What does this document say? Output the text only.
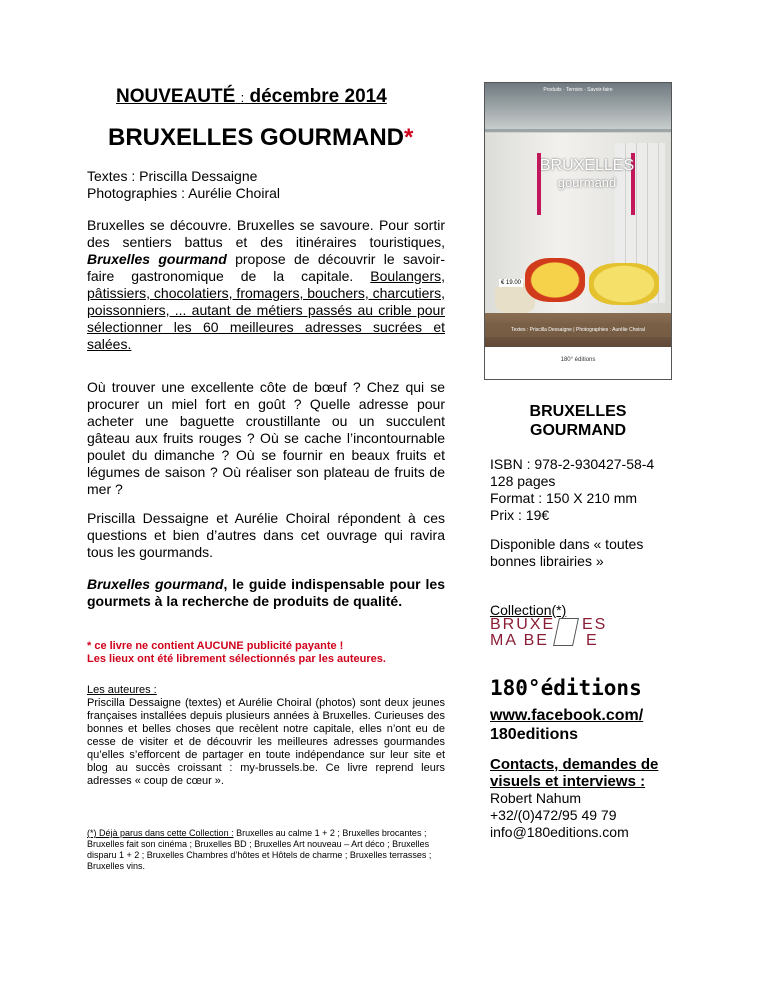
NOUVEAUTÉ : décembre 2014
BRUXELLES GOURMAND*
Textes : Priscilla Dessaigne
Photographies : Aurélie Choiral
Bruxelles se découvre. Bruxelles se savoure. Pour sortir des sentiers battus et des itinéraires touristiques, Bruxelles gourmand propose de découvrir le savoir-faire gastronomique de la capitale. Boulangers, pâtissiers, chocolatiers, fromagers, bouchers, charcutiers, poissonniers, ... autant de métiers passés au crible pour sélectionner les 60 meilleures adresses sucrées et salées.
Où trouver une excellente côte de bœuf ? Chez qui se procurer un miel fort en goût ? Quelle adresse pour acheter une baguette croustillante ou un succulent gâteau aux fruits rouges ? Où se cache l’incontournable poulet du dimanche ? Où se fournir en beaux fruits et légumes de saison ? Où réaliser son plateau de fruits de mer ?
Priscilla Dessaigne et Aurélie Choiral répondent à ces questions et bien d’autres dans cet ouvrage qui ravira tous les gourmands.
Bruxelles gourmand, le guide indispensable pour les gourmets à la recherche de produits de qualité.
* ce livre ne contient AUCUNE publicité payante !
Les lieux ont été librement sélectionnés par les auteures.
Les auteures :
Priscilla Dessaigne (textes) et Aurélie Choiral (photos) sont deux jeunes françaises installées depuis plusieurs années à Bruxelles. Curieuses des bonnes et belles choses que recèlent notre capitale, elles n’ont eu de cesse de visiter et de découvrir les meilleures adresses gourmandes qu’elles s’efforcent de partager en toute indépendance sur leur site et blog au succès croissant : my-brussels.be. Ce livre reprend leurs adresses « coup de cœur ».
(*) Déjà parus dans cette Collection : Bruxelles au calme 1 + 2 ; Bruxelles brocantes ; Bruxelles fait son cinéma ; Bruxelles BD ; Bruxelles Art nouveau – Art déco ; Bruxelles disparu 1 + 2 ; Bruxelles Chambres d’hôtes et Hôtels de charme ; Bruxelles terrasses ; Bruxelles vins.
Produits · Terroirs · Savoir-faire
BRUXELLES
gourmand
€ 19.00
Textes : Priscilla Dessaigne | Photographies : Aurélie Choiral
180° éditions
BRUXELLES
GOURMAND
ISBN : 978-2-930427-58-4
128 pages
Format : 150 X 210 mm
Prix : 19€
Disponible dans « toutes bonnes librairies »
Collection(*)
BRUXE ES
MA BE E
180°éditions
www.facebook.com/
180editions
Contacts, demandes de visuels et interviews :
Robert Nahum
+32/(0)472/95 49 79
info@180editions.com
